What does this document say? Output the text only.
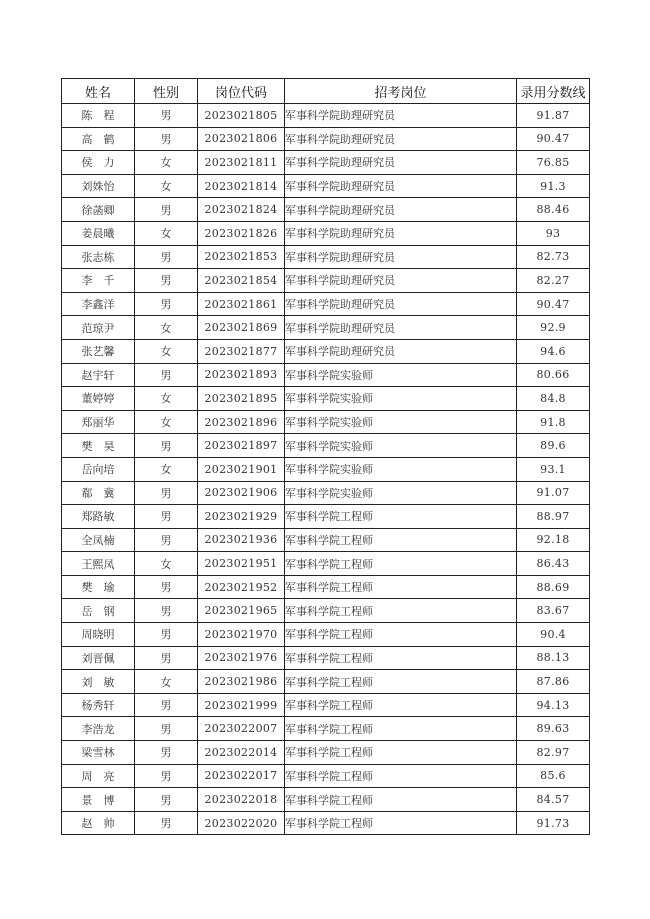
姓名	性别	岗位代码	招考岗位	录用分数线
陈　程	男	2023021805	军事科学院助理研究员	91.87
高　鹤	男	2023021806	军事科学院助理研究员	90.47
侯　力	女	2023021811	军事科学院助理研究员	76.85
刘姝怡	女	2023021814	军事科学院助理研究员	91.3
徐菡卿	男	2023021824	军事科学院助理研究员	88.46
姜晨曦	女	2023021826	军事科学院助理研究员	93
张志栋	男	2023021853	军事科学院助理研究员	82.73
李　千	男	2023021854	军事科学院助理研究员	82.27
李鑫洋	男	2023021861	军事科学院助理研究员	90.47
范琼尹	女	2023021869	军事科学院助理研究员	92.9
张艺馨	女	2023021877	军事科学院助理研究员	94.6
赵宇轩	男	2023021893	军事科学院实验师	80.66
董婷婷	女	2023021895	军事科学院实验师	84.8
郑丽华	女	2023021896	军事科学院实验师	91.8
樊　昊	男	2023021897	军事科学院实验师	89.6
岳向培	女	2023021901	军事科学院实验师	93.1
郗　冀	男	2023021906	军事科学院实验师	91.07
郑路敏	男	2023021929	军事科学院工程师	88.97
全凤楠	男	2023021936	军事科学院工程师	92.18
王熙凤	女	2023021951	军事科学院工程师	86.43
樊　瑜	男	2023021952	军事科学院工程师	88.69
岳　钢	男	2023021965	军事科学院工程师	83.67
周晓明	男	2023021970	军事科学院工程师	90.4
刘晋佩	男	2023021976	军事科学院工程师	88.13
刘　敏	女	2023021986	军事科学院工程师	87.86
杨秀轩	男	2023021999	军事科学院工程师	94.13
李浩龙	男	2023022007	军事科学院工程师	89.63
梁雪林	男	2023022014	军事科学院工程师	82.97
周　亮	男	2023022017	军事科学院工程师	85.6
景　博	男	2023022018	军事科学院工程师	84.57
赵　帅	男	2023022020	军事科学院工程师	91.73
